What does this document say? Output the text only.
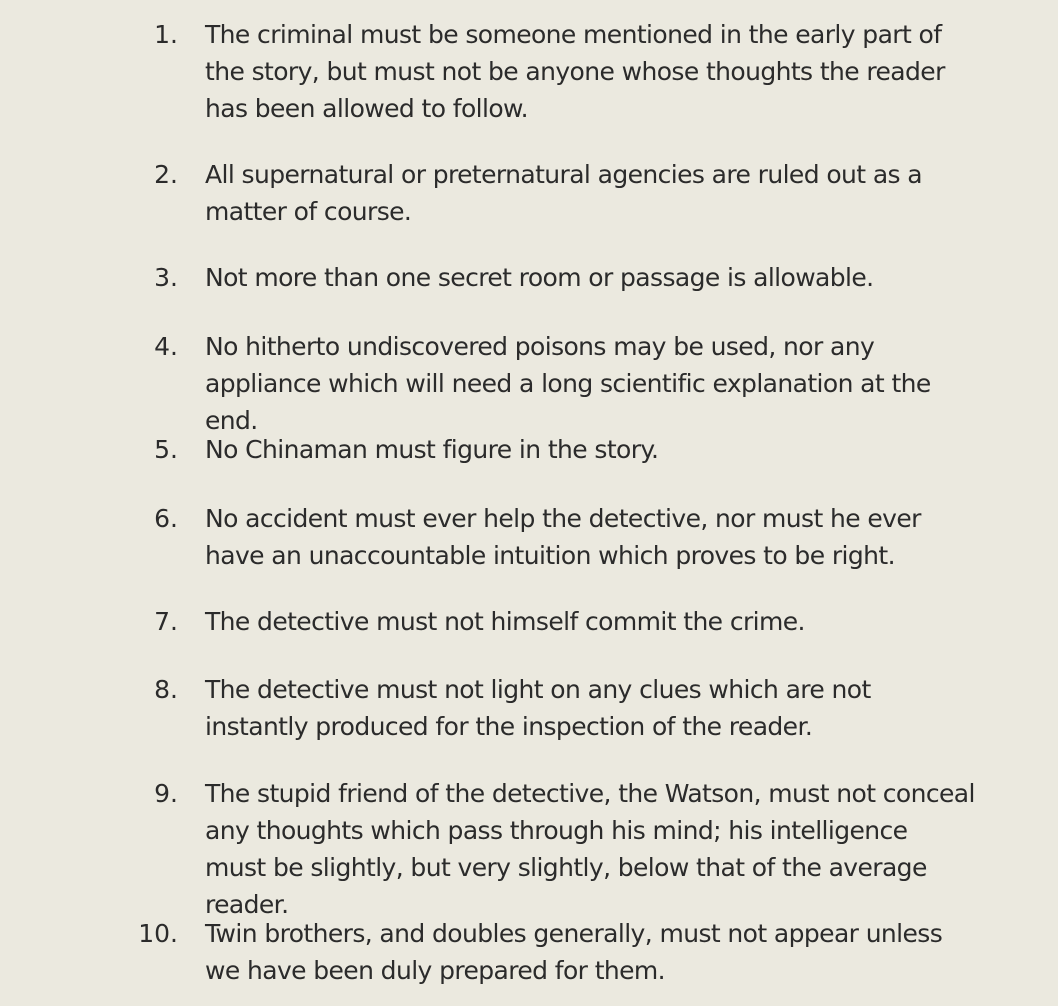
1. The criminal must be someone mentioned in the early part of the story, but must not be anyone whose thoughts the reader has been allowed to follow.
2. All supernatural or preternatural agencies are ruled out as a matter of course.
3. Not more than one secret room or passage is allowable.
4. No hitherto undiscovered poisons may be used, nor any appliance which will need a long scientific explanation at the end.
5. No Chinaman must figure in the story.
6. No accident must ever help the detective, nor must he ever have an unaccountable intuition which proves to be right.
7. The detective must not himself commit the crime.
8. The detective must not light on any clues which are not instantly produced for the inspection of the reader.
9. The stupid friend of the detective, the Watson, must not conceal any thoughts which pass through his mind; his intelligence must be slightly, but very slightly, below that of the average reader.
10. Twin brothers, and doubles generally, must not appear unless we have been duly prepared for them.
